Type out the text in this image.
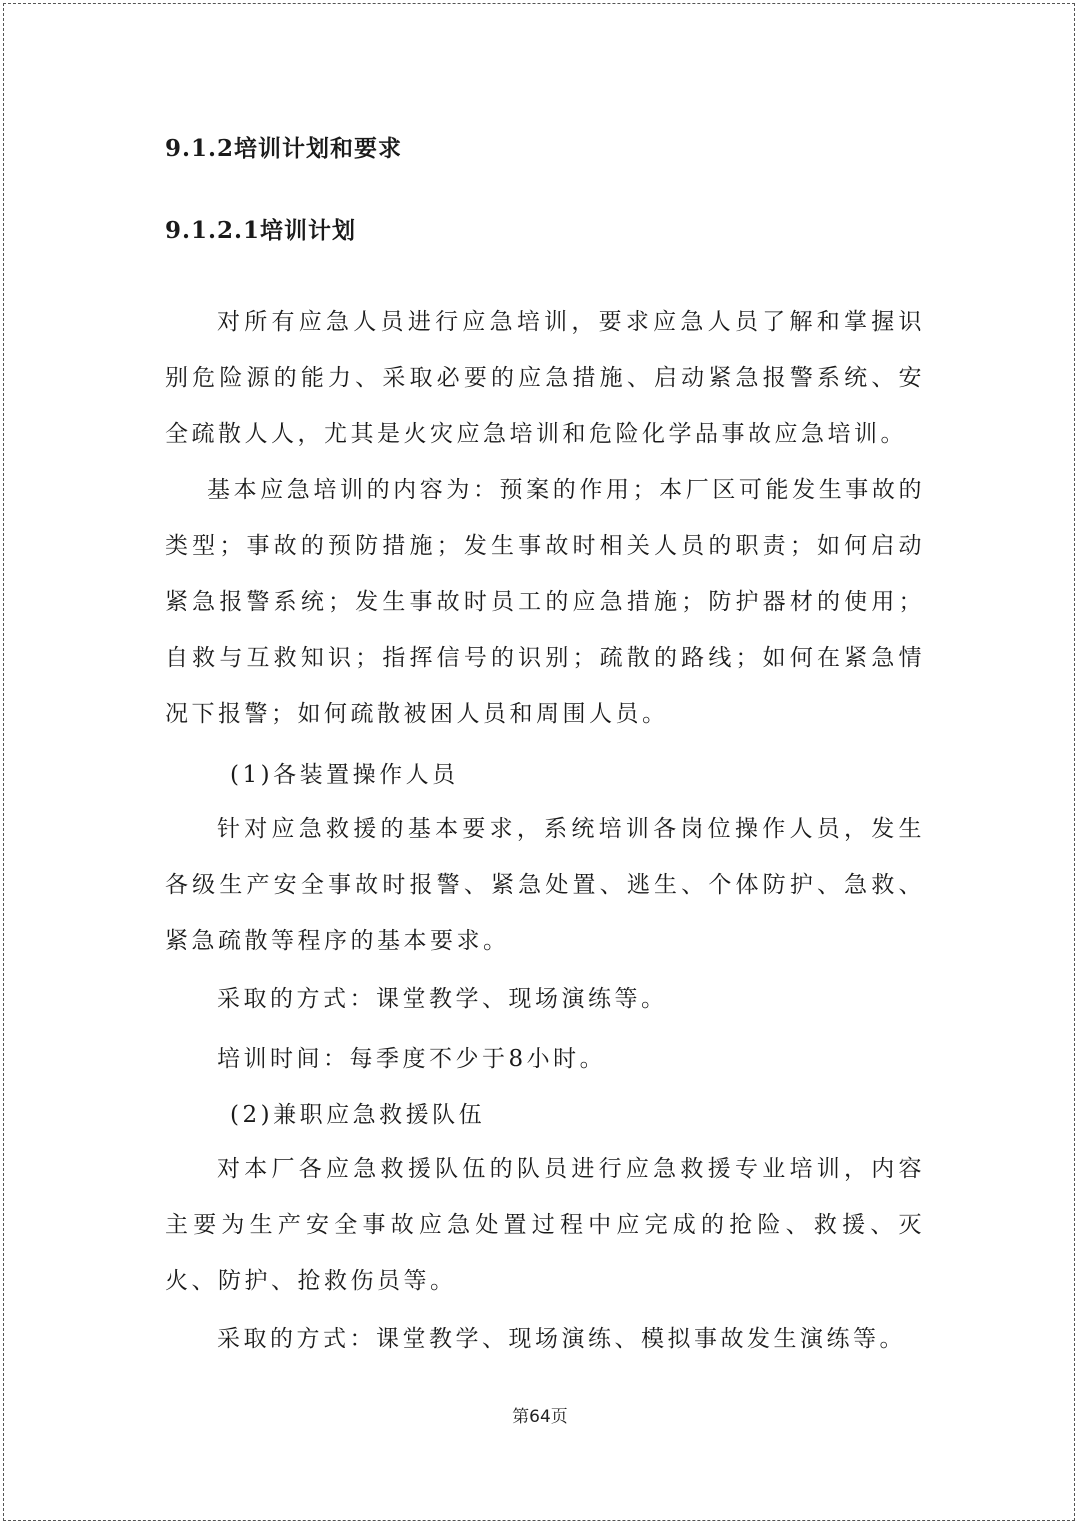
9.1.2培训计划和要求
9.1.2.1培训计划

对所有应急人员进行应急培训，要求应急人员了解和掌握识别危险源的能力、采取必要的应急措施、启动紧急报警系统、安全疏散人人，尤其是火灾应急培训和危险化学品事故应急培训。

基本应急培训的内容为：预案的作用；本厂区可能发生事故的类型；事故的预防措施；发生事故时相关人员的职责；如何启动紧急报警系统；发生事故时员工的应急措施；防护器材的使用；自救与互救知识；指挥信号的识别；疏散的路线；如何在紧急情况下报警；如何疏散被困人员和周围人员。

(1)各装置操作人员

针对应急救援的基本要求，系统培训各岗位操作人员，发生各级生产安全事故时报警、紧急处置、逃生、个体防护、急救、紧急疏散等程序的基本要求。

采取的方式：课堂教学、现场演练等。

培训时间：每季度不少于8小时。

(2)兼职应急救援队伍

对本厂各应急救援队伍的队员进行应急救援专业培训，内容主要为生产安全事故应急处置过程中应完成的抢险、救援、灭火、防护、抢救伤员等。

采取的方式：课堂教学、现场演练、模拟事故发生演练等。

第64页
